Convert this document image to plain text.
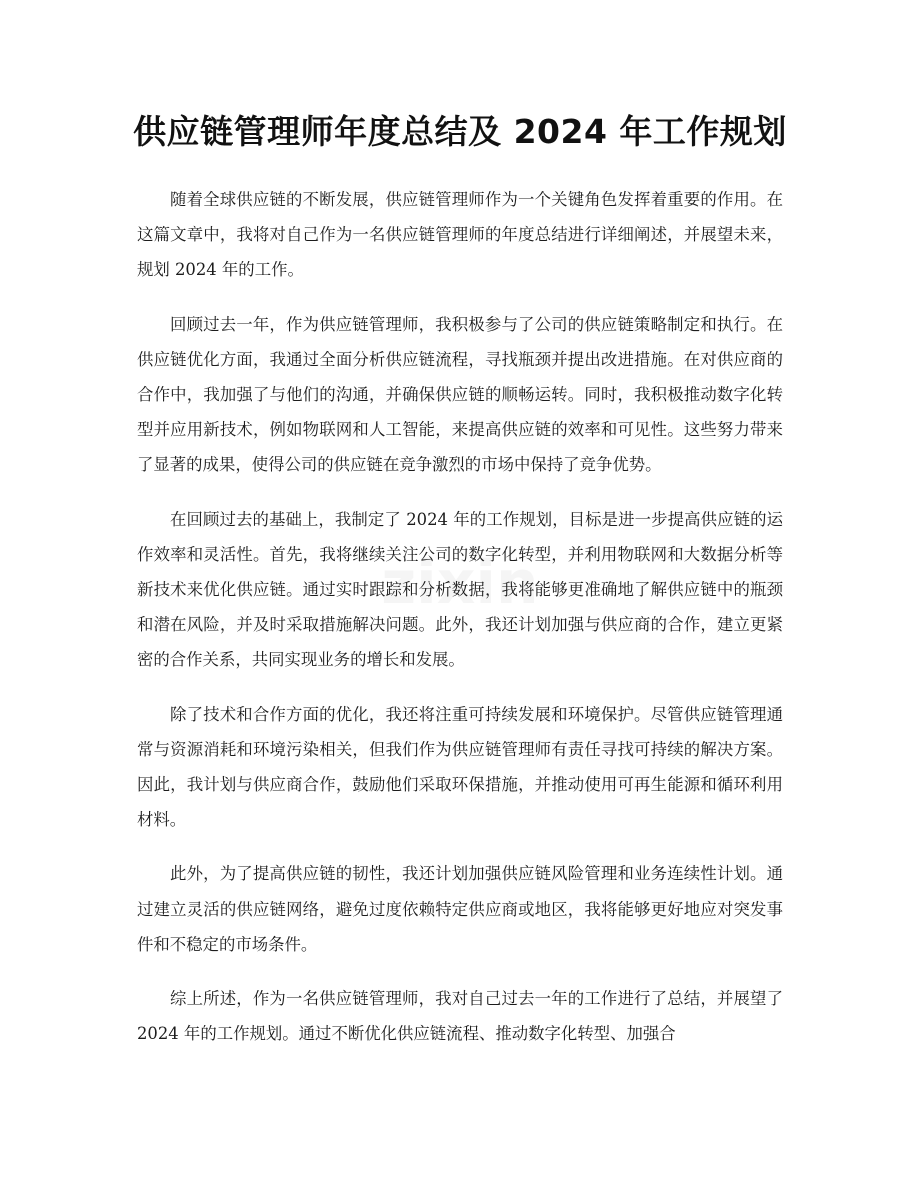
供应链管理师年度总结及 2024 年工作规划
zixin

随着全球供应链的不断发展，供应链管理师作为一个关键角色发挥着重要的作用。在这篇文章中，我将对自己作为一名供应链管理师的年度总结进行详细阐述，并展望未来，规划 2024 年的工作。

回顾过去一年，作为供应链管理师，我积极参与了公司的供应链策略制定和执行。在供应链优化方面，我通过全面分析供应链流程，寻找瓶颈并提出改进措施。在对供应商的合作中，我加强了与他们的沟通，并确保供应链的顺畅运转。同时，我积极推动数字化转型并应用新技术，例如物联网和人工智能，来提高供应链的效率和可见性。这些努力带来了显著的成果，使得公司的供应链在竞争激烈的市场中保持了竞争优势。

在回顾过去的基础上，我制定了 2024 年的工作规划，目标是进一步提高供应链的运作效率和灵活性。首先，我将继续关注公司的数字化转型，并利用物联网和大数据分析等新技术来优化供应链。通过实时跟踪和分析数据，我将能够更准确地了解供应链中的瓶颈和潜在风险，并及时采取措施解决问题。此外，我还计划加强与供应商的合作，建立更紧密的合作关系，共同实现业务的增长和发展。

除了技术和合作方面的优化，我还将注重可持续发展和环境保护。尽管供应链管理通常与资源消耗和环境污染相关，但我们作为供应链管理师有责任寻找可持续的解决方案。因此，我计划与供应商合作，鼓励他们采取环保措施，并推动使用可再生能源和循环利用材料。

此外，为了提高供应链的韧性，我还计划加强供应链风险管理和业务连续性计划。通过建立灵活的供应链网络，避免过度依赖特定供应商或地区，我将能够更好地应对突发事件和不稳定的市场条件。

综上所述，作为一名供应链管理师，我对自己过去一年的工作进行了总结，并展望了 2024 年的工作规划。通过不断优化供应链流程、推动数字化转型、加强合
